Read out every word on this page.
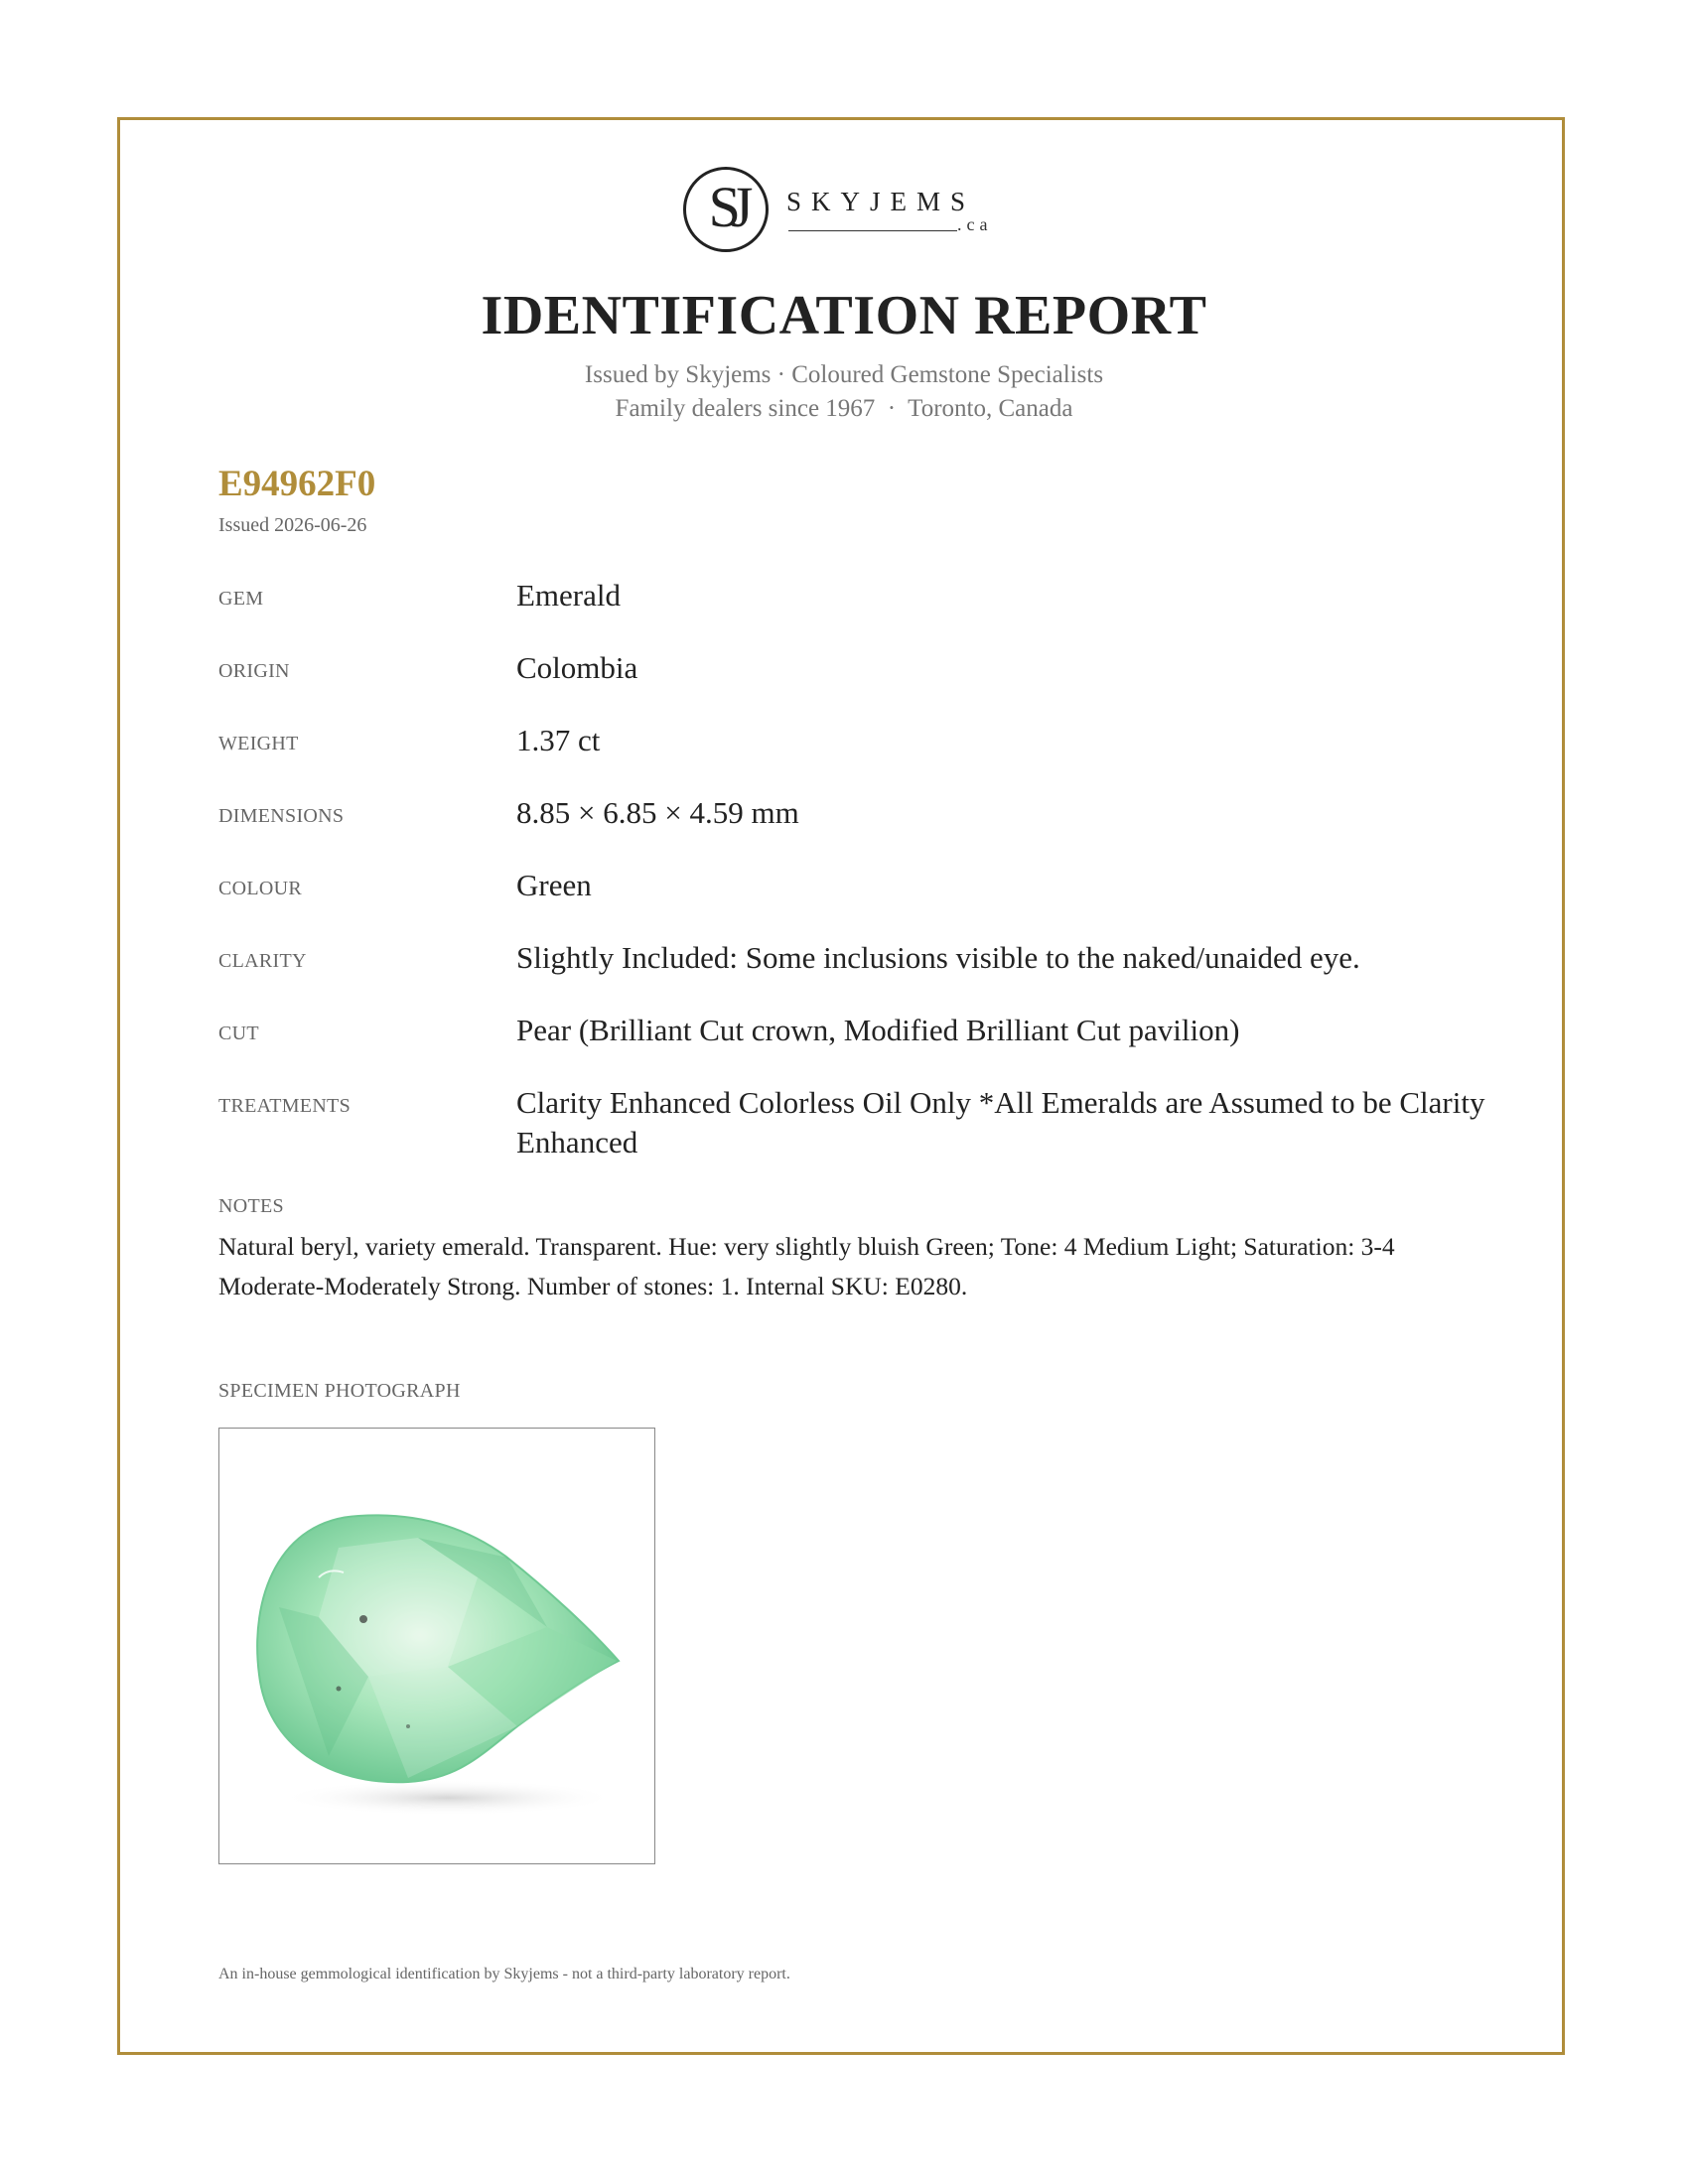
SJ	SKYJEMS
.ca
IDENTIFICATION REPORT
Issued by Skyjems · Coloured Gemstone Specialists
Family dealers since 1967  ·  Toronto, Canada
E94962F0
Issued 2026-06-26
GEM	Emerald
ORIGIN	Colombia
WEIGHT	1.37 ct
DIMENSIONS	8.85 × 6.85 × 4.59 mm
COLOUR	Green
CLARITY	Slightly Included: Some inclusions visible to the naked/unaided eye.
CUT	Pear (Brilliant Cut crown, Modified Brilliant Cut pavilion)
TREATMENTS	Clarity Enhanced Colorless Oil Only *All Emeralds are Assumed to be Clarity Enhanced
NOTES
Natural beryl, variety emerald. Transparent. Hue: very slightly bluish Green; Tone: 4 Medium Light; Saturation: 3-4 Moderate-Moderately Strong. Number of stones: 1. Internal SKU: E0280.
SPECIMEN PHOTOGRAPH
An in-house gemmological identification by Skyjems - not a third-party laboratory report.
